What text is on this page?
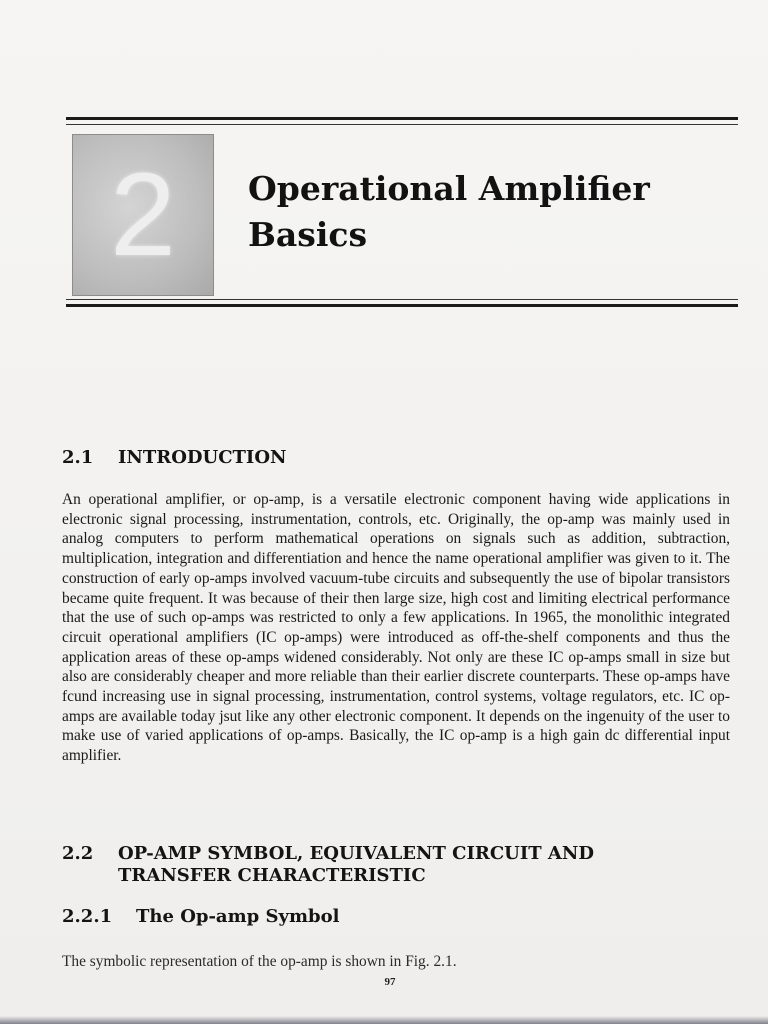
2	Operational Amplifier Basics
2.1 INTRODUCTION

An operational amplifier, or op-amp, is a versatile electronic component having wide applications in electronic signal processing, instrumentation, controls, etc. Originally, the op-amp was mainly used in analog computers to perform mathematical operations on signals such as addition, subtraction, multiplication, integration and differentiation and hence the name operational amplifier was given to it. The construction of early op-amps involved vacuum-tube circuits and subsequently the use of bipolar transistors became quite frequent. It was because of their then large size, high cost and limiting electrical performance that the use of such op-amps was restricted to only a few applications. In 1965, the monolithic integrated circuit operational amplifiers (IC op-amps) were introduced as off-the-shelf components and thus the application areas of these op-amps widened considerably. Not only are these IC op-amps small in size but also are considerably cheaper and more reliable than their earlier discrete counterparts. These op-amps have fcund increasing use in signal processing, instrumentation, control systems, voltage regulators, etc. IC op-amps are available today jsut like any other electronic component. It depends on the ingenuity of the user to make use of varied applications of op-amps. Basically, the IC op-amp is a high gain dc differential input amplifier.

2.2 OP-AMP SYMBOL, EQUIVALENT CIRCUIT AND TRANSFER CHARACTERISTIC
2.2.1 The Op-amp Symbol

The symbolic representation of the op-amp is shown in Fig. 2.1.

97
